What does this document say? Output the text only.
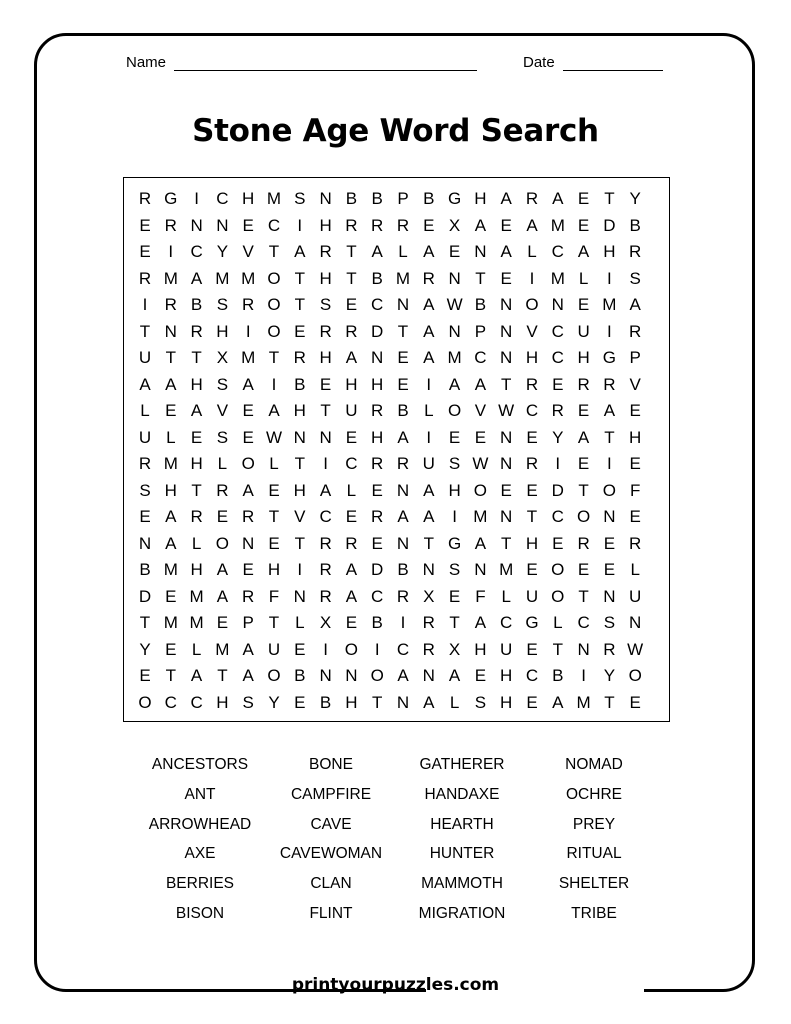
Name	Date
Stone Age Word Search
R G I	C H M S N B B P B G H A R A E T Y
E R N N E C	I	H R R R E X A E A M E D B
E	I	C Y V T A R T A L A E N A L C A H R
R M A M M O T H T B M R N T E	I M L	I	S
I	R B S R O T S E C N A W B N O N E M A
T N R H	I O E R R D T A N P N V C U	I	R
U T T X M T R H A N E A M C N H C H G P
A A H S A	I	B E H H E	I	A A T R E R R V
L E A V E A H T U R B L O V W C R E A E
U L E S E W N N E H A	I	E E N E Y A T H
R M H L O L T	I	C R R U S W N R	I	E	I	E
S H T R A E H A L E N A H O E E D T O F
E A R E R T V C E R A A	I M N T C O N E
N A L O N E T R R E N T G A T H E R E R
B M H A E H	I	R A D B N S N M E O E E L
D E M A R F N R A C R X E F L U O T N U
T M M E P T L X E B	I	R T A C G L C S N
Y E L M A U E	I O I	C R X H U E T N R W
E T A T A O B N N O A N A E H C B	I	Y O
O C C H S Y E B H T N A L S H E A M T E
ANCESTORS	BONE	GATHERER	NOMAD
ANT	CAMPFIRE	HANDAXE	OCHRE
ARROWHEAD	CAVE	HEARTH	PREY
AXE	CAVEWOMAN	HUNTER	RITUAL
BERRIES	CLAN	MAMMOTH	SHELTER
BISON	FLINT	MIGRATION	TRIBE
printyourpuzzles.com
